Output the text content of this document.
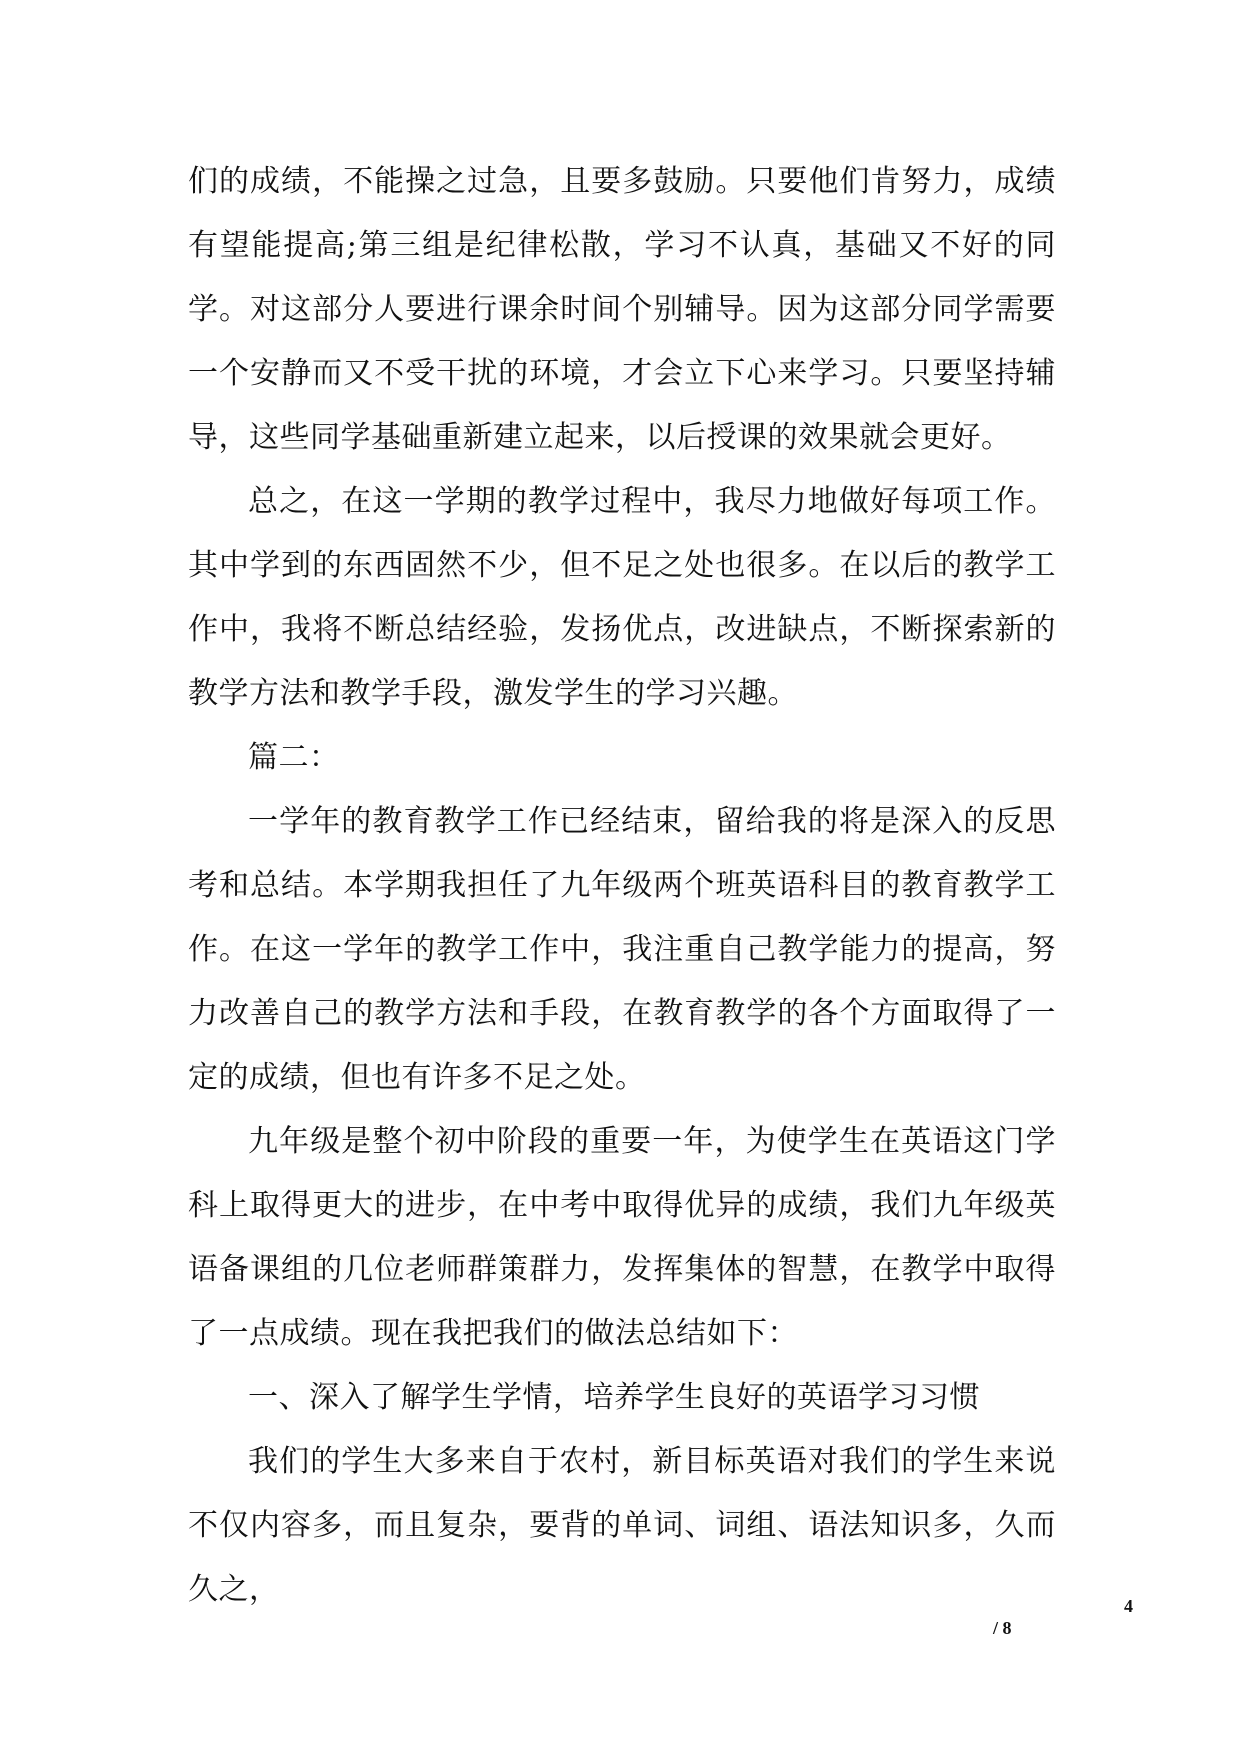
们的成绩，不能操之过急，且要多鼓励。只要他们肯努力，成绩有望能提高;第三组是纪律松散，学习不认真，基础又不好的同学。对这部分人要进行课余时间个别辅导。因为这部分同学需要一个安静而又不受干扰的环境，才会立下心来学习。只要坚持辅导，这些同学基础重新建立起来，以后授课的效果就会更好。

总之，在这一学期的教学过程中，我尽力地做好每项工作。其中学到的东西固然不少，但不足之处也很多。在以后的教学工作中，我将不断总结经验，发扬优点，改进缺点，不断探索新的教学方法和教学手段，激发学生的学习兴趣。

篇二：

一学年的教育教学工作已经结束，留给我的将是深入的反思考和总结。本学期我担任了九年级两个班英语科目的教育教学工作。在这一学年的教学工作中，我注重自己教学能力的提高，努力改善自己的教学方法和手段，在教育教学的各个方面取得了一定的成绩，但也有许多不足之处。

九年级是整个初中阶段的重要一年，为使学生在英语这门学科上取得更大的进步，在中考中取得优异的成绩，我们九年级英语备课组的几位老师群策群力，发挥集体的智慧，在教学中取得了一点成绩。现在我把我们的做法总结如下：

一、深入了解学生学情，培养学生良好的英语学习习惯

我们的学生大多来自于农村，新目标英语对我们的学生来说不仅内容多，而且复杂，要背的单词、词组、语法知识多，久而久之，	4
/ 8
